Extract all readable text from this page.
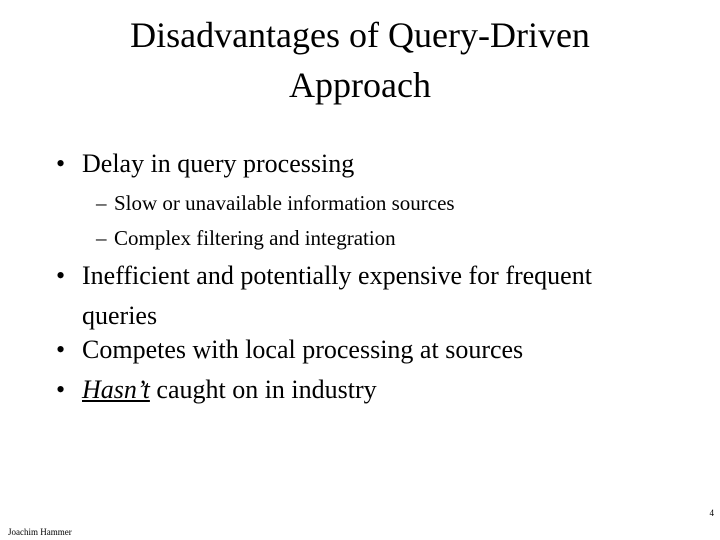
Disadvantages of Query-Driven
Approach
• Delay in query processing
– Slow or unavailable information sources
– Complex filtering and integration
• Inefficient and potentially expensive for frequent
queries
• Competes with local processing at sources
• Hasn’t caught on in industry
4
Joachim Hammer
